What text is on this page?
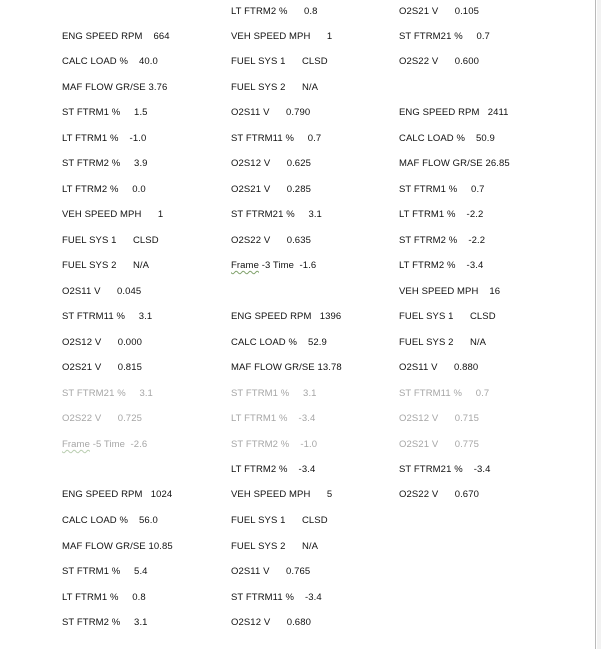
ENG SPEED RPM    664
CALC LOAD %    40.0
MAF FLOW GR/SE 3.76
ST FTRM1 %     1.5
LT FTRM1 %    -1.0
ST FTRM2 %     3.9
LT FTRM2 %     0.0
VEH SPEED MPH      1
FUEL SYS 1      CLSD
FUEL SYS 2      N/A
O2S11 V      0.045
ST FTRM11 %     3.1
O2S12 V      0.000
O2S21 V      0.815
ST FTRM21 %     3.1
O2S22 V      0.725
Frame -5 Time  -2.6
ENG SPEED RPM   1024
CALC LOAD %    56.0
MAF FLOW GR/SE 10.85
ST FTRM1 %     5.4
LT FTRM1 %     0.8
ST FTRM2 %     3.1
LT FTRM2 %      0.8
VEH SPEED MPH      1
FUEL SYS 1      CLSD
FUEL SYS 2      N/A
O2S11 V      0.790
ST FTRM11 %     0.7
O2S12 V      0.625
O2S21 V      0.285
ST FTRM21 %     3.1
O2S22 V      0.635
Frame -3 Time  -1.6
ENG SPEED RPM   1396
CALC LOAD %    52.9
MAF FLOW GR/SE 13.78
ST FTRM1 %     3.1
LT FTRM1 %    -3.4
ST FTRM2 %    -1.0
LT FTRM2 %    -3.4
VEH SPEED MPH      5
FUEL SYS 1      CLSD
FUEL SYS 2      N/A
O2S11 V      0.765
ST FTRM11 %    -3.4
O2S12 V      0.680
O2S21 V      0.105
ST FTRM21 %     0.7
O2S22 V      0.600
ENG SPEED RPM   2411
CALC LOAD %    50.9
MAF FLOW GR/SE 26.85
ST FTRM1 %     0.7
LT FTRM1 %    -2.2
ST FTRM2 %    -2.2
LT FTRM2 %    -3.4
VEH SPEED MPH    16
FUEL SYS 1      CLSD
FUEL SYS 2      N/A
O2S11 V      0.880
ST FTRM11 %     0.7
O2S12 V      0.715
O2S21 V      0.775
ST FTRM21 %    -3.4
O2S22 V      0.670
